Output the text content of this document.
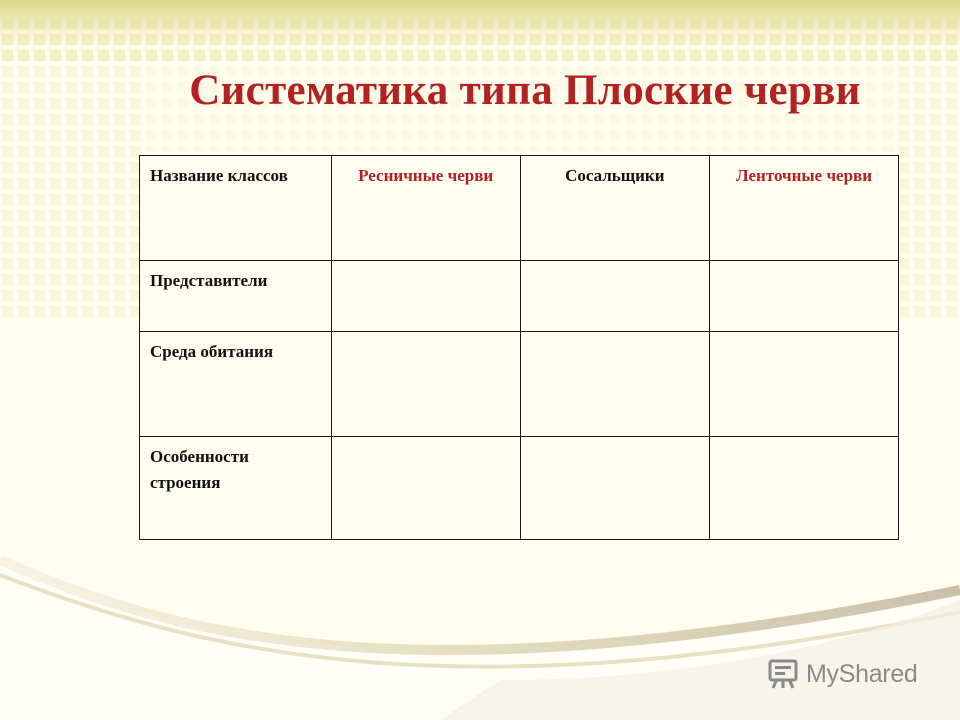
Систематика типа Плоские черви
Название классов	Ресничные черви	Сосальщики	Ленточные черви
Представители			
Среда обитания			
Особенности строения			
MyShared
